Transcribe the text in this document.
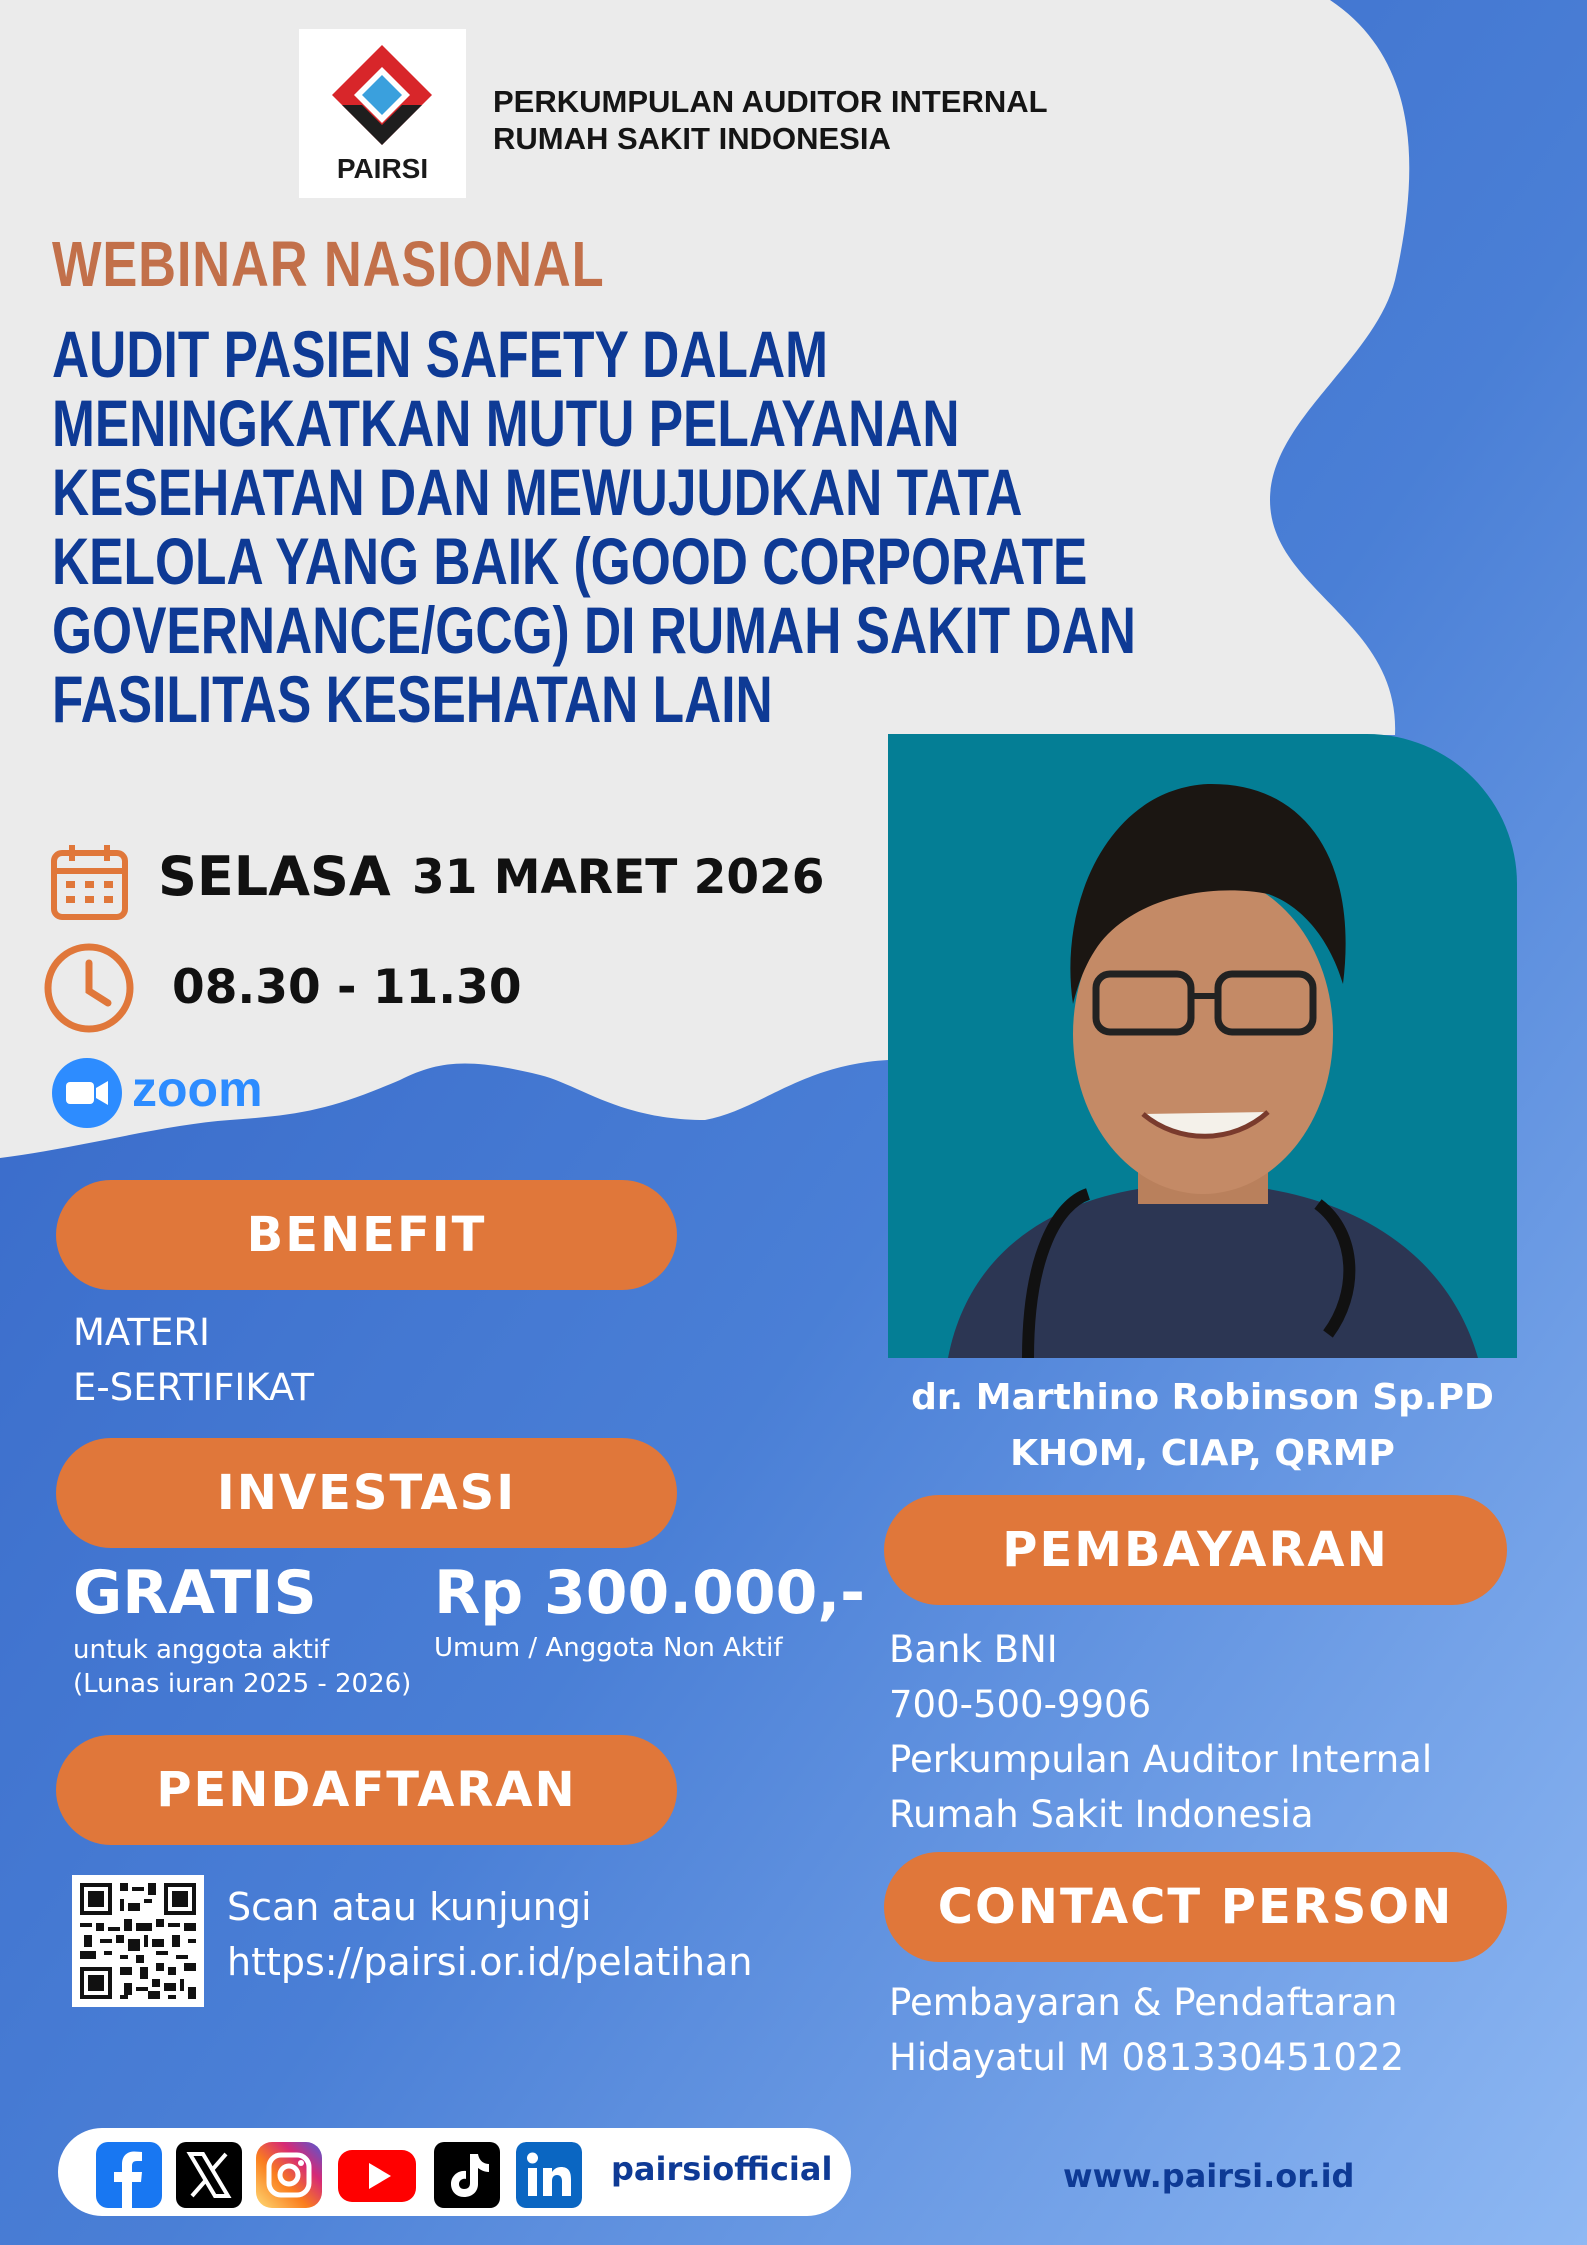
PAIRSI
PERKUMPULAN AUDITOR INTERNAL
RUMAH SAKIT INDONESIA
WEBINAR NASIONAL
AUDIT PASIEN SAFETY DALAM
MENINGKATKAN MUTU PELAYANAN
KESEHATAN DAN MEWUJUDKAN TATA
KELOLA YANG BAIK (GOOD CORPORATE
GOVERNANCE/GCG) DI RUMAH SAKIT DAN
FASILITAS KESEHATAN LAIN
SELASA 31 MARET 2026
08.30 - 11.30
zoom
BENEFIT
MATERI
E-SERTIFIKAT
INVESTASI
GRATIS
untuk anggota aktif
(Lunas iuran 2025 - 2026)
Rp 300.000,-
Umum / Anggota Non Aktif
PENDAFTARAN
Scan atau kunjungi
https://pairsi.or.id/pelatihan
dr. Marthino Robinson Sp.PD
KHOM, CIAP, QRMP
PEMBAYARAN
Bank BNI
700-500-9906
Perkumpulan Auditor Internal
Rumah Sakit Indonesia
CONTACT PERSON
Pembayaran & Pendaftaran
Hidayatul M 081330451022
pairsiofficial	www.pairsi.or.id
